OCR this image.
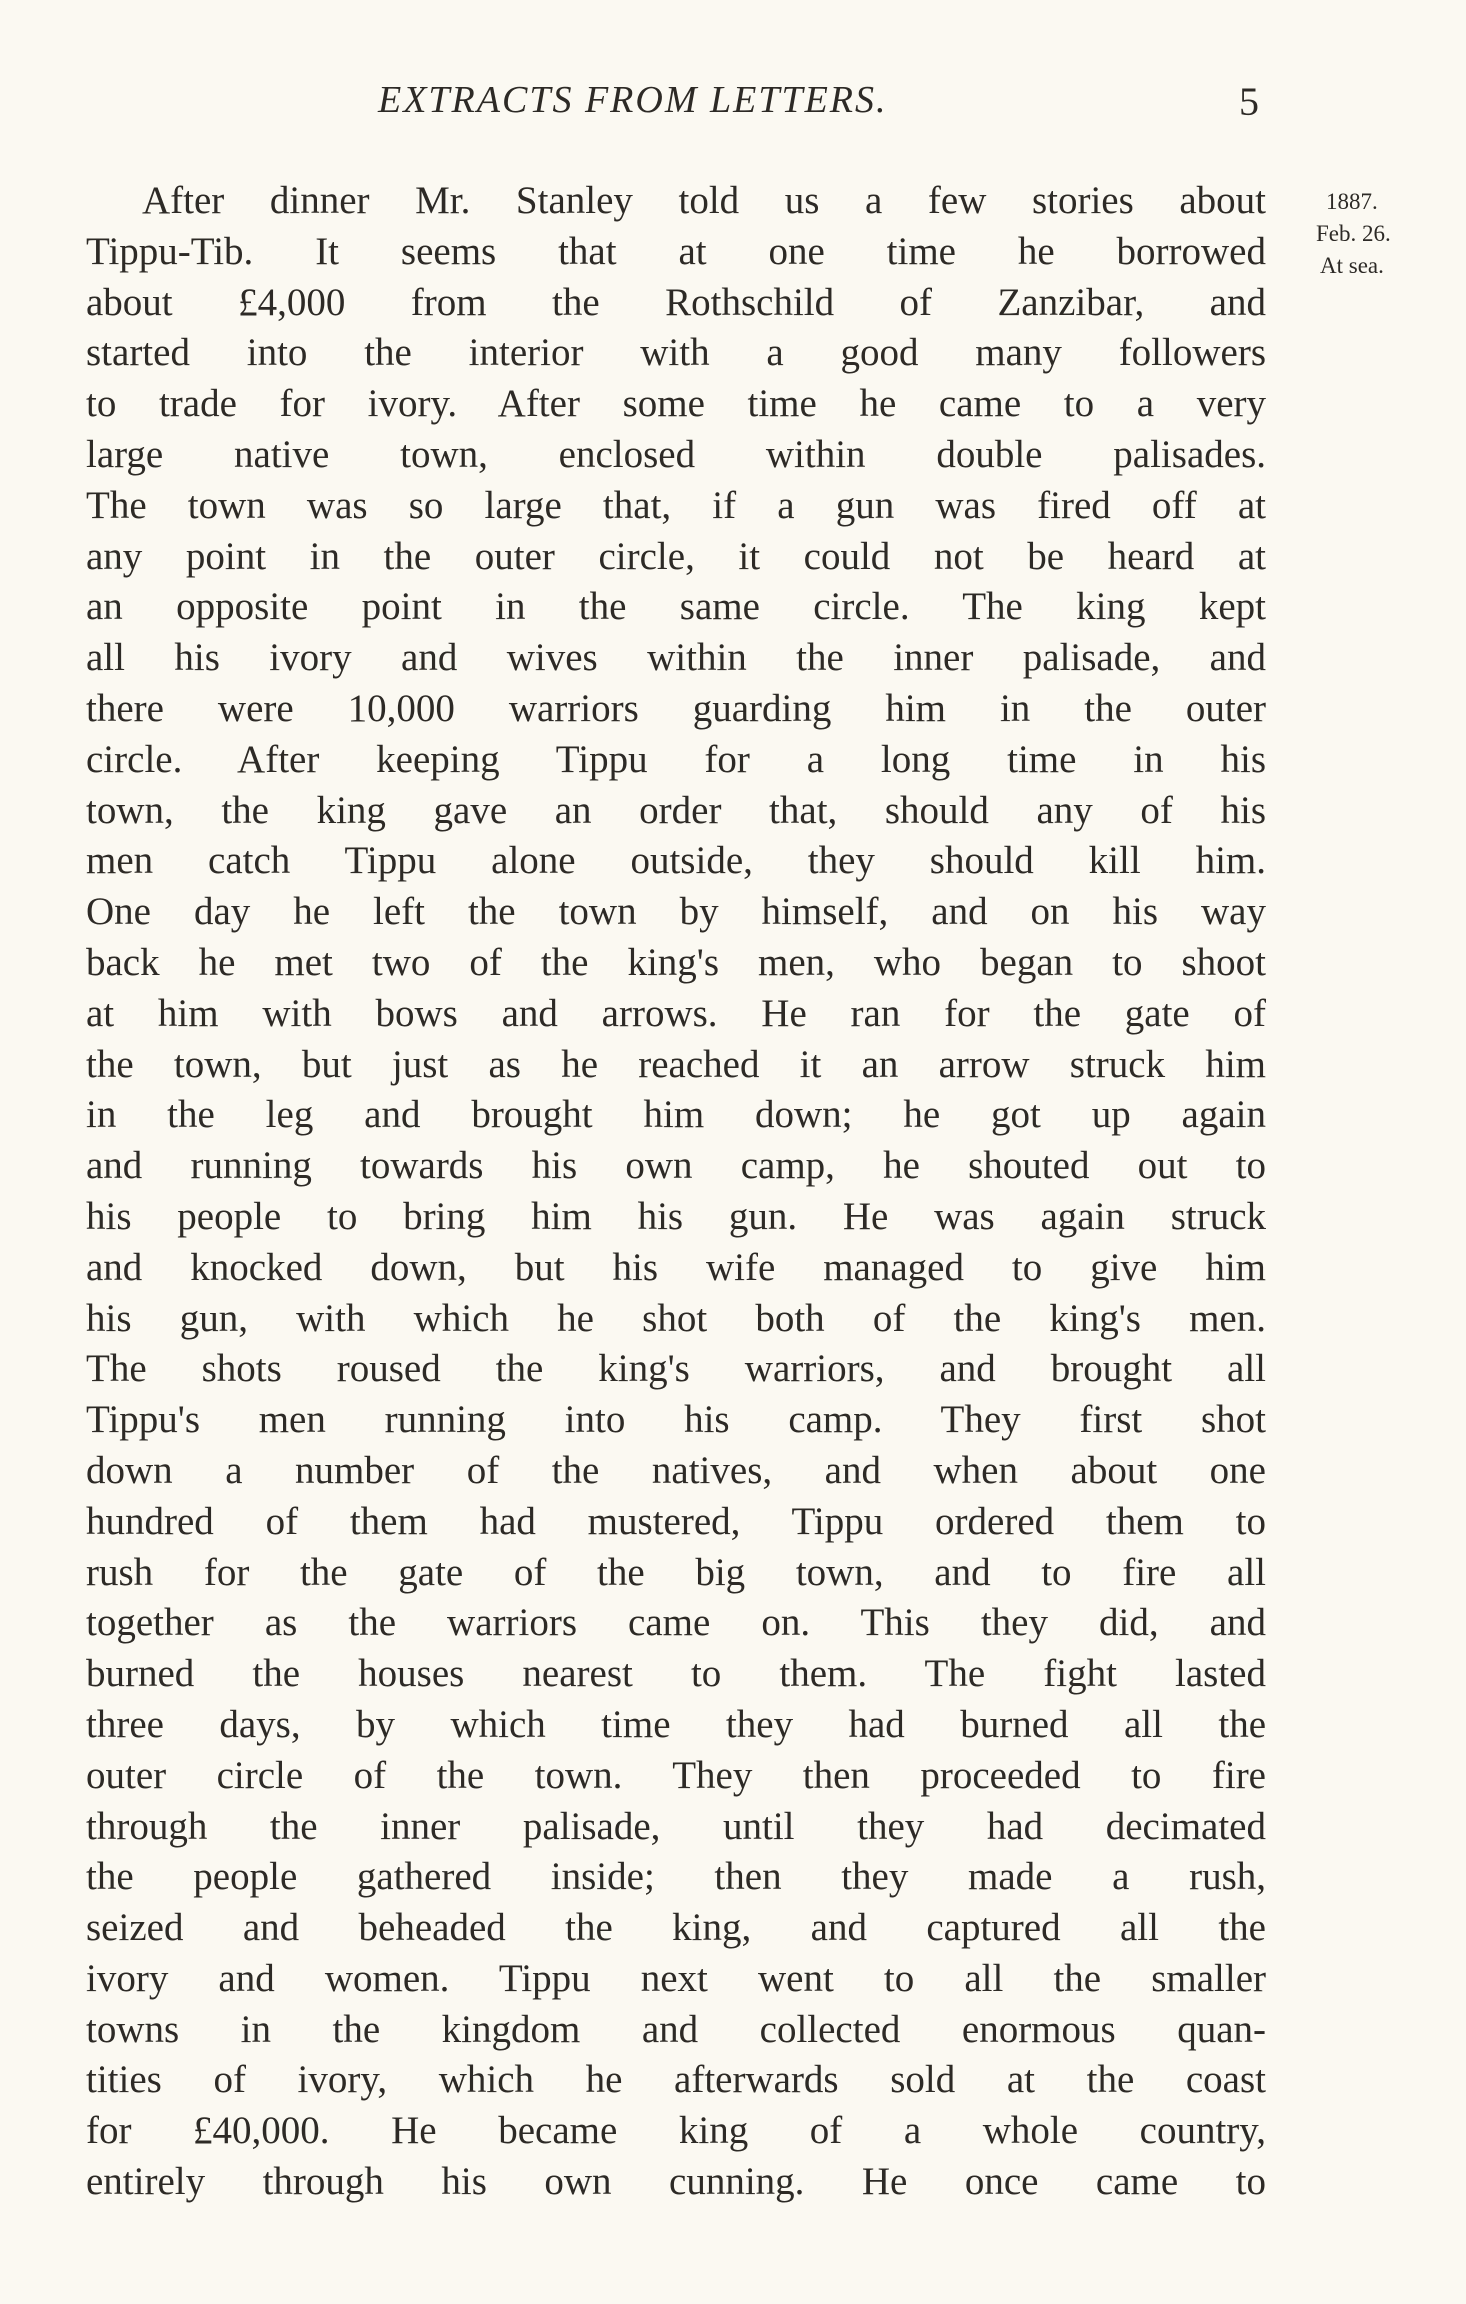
EXTRACTS FROM LETTERS.	5
1887.
Feb. 26.
At sea.
After dinner Mr. Stanley told us a few stories about
Tippu-Tib. It seems that at one time he borrowed
about £4,000 from the Rothschild of Zanzibar, and
started into the interior with a good many followers
to trade for ivory. After some time he came to a very
large native town, enclosed within double palisades.
The town was so large that, if a gun was fired off at
any point in the outer circle, it could not be heard at
an opposite point in the same circle. The king kept
all his ivory and wives within the inner palisade, and
there were 10,000 warriors guarding him in the outer
circle. After keeping Tippu for a long time in his
town, the king gave an order that, should any of his
men catch Tippu alone outside, they should kill him.
One day he left the town by himself, and on his way
back he met two of the king's men, who began to shoot
at him with bows and arrows. He ran for the gate of
the town, but just as he reached it an arrow struck him
in the leg and brought him down; he got up again
and running towards his own camp, he shouted out to
his people to bring him his gun. He was again struck
and knocked down, but his wife managed to give him
his gun, with which he shot both of the king's men.
The shots roused the king's warriors, and brought all
Tippu's men running into his camp. They first shot
down a number of the natives, and when about one
hundred of them had mustered, Tippu ordered them to
rush for the gate of the big town, and to fire all
together as the warriors came on. This they did, and
burned the houses nearest to them. The fight lasted
three days, by which time they had burned all the
outer circle of the town. They then proceeded to fire
through the inner palisade, until they had decimated
the people gathered inside; then they made a rush,
seized and beheaded the king, and captured all the
ivory and women. Tippu next went to all the smaller
towns in the kingdom and collected enormous quan-
tities of ivory, which he afterwards sold at the coast
for £40,000. He became king of a whole country,
entirely through his own cunning. He once came to
